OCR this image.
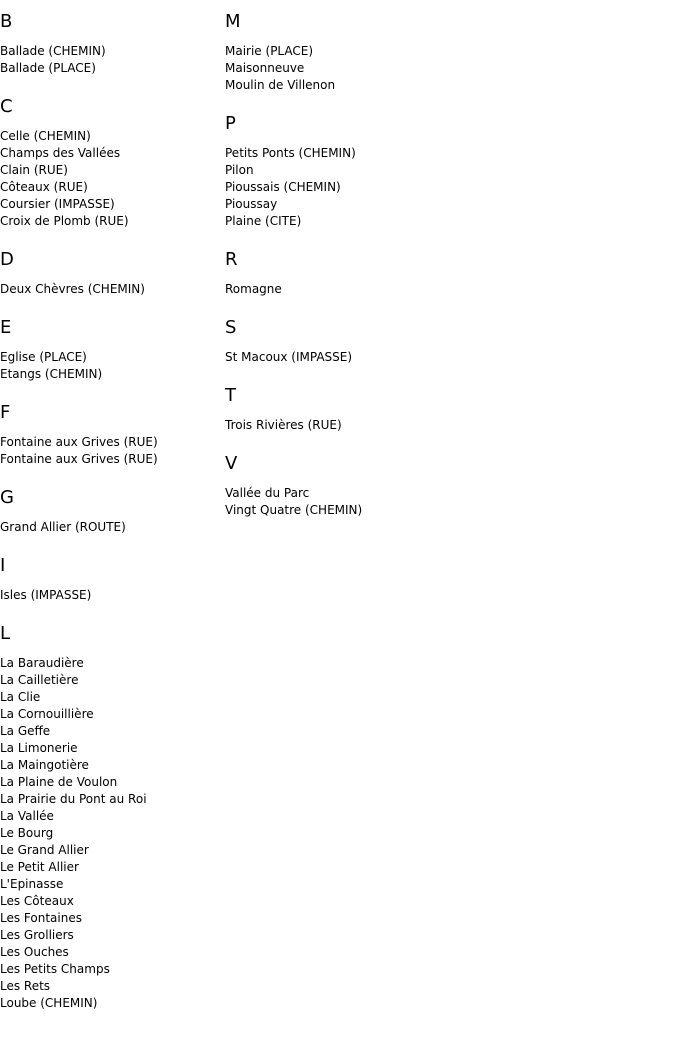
B
Ballade (CHEMIN)
Ballade (PLACE)
C
Celle (CHEMIN)
Champs des Vallées
Clain (RUE)
Côteaux (RUE)
Coursier (IMPASSE)
Croix de Plomb (RUE)
D
Deux Chèvres (CHEMIN)
E
Eglise (PLACE)
Etangs (CHEMIN)
F
Fontaine aux Grives (RUE)
Fontaine aux Grives (RUE)
G
Grand Allier (ROUTE)
I
Isles (IMPASSE)
L
La Baraudière
La Cailletière
La Clie
La Cornouillière
La Geffe
La Limonerie
La Maingotière
La Plaine de Voulon
La Prairie du Pont au Roi
La Vallée
Le Bourg
Le Grand Allier
Le Petit Allier
L'Epinasse
Les Côteaux
Les Fontaines
Les Grolliers
Les Ouches
Les Petits Champs
Les Rets
Loube (CHEMIN)
M
Mairie (PLACE)
Maisonneuve
Moulin de Villenon
P
Petits Ponts (CHEMIN)
Pilon
Pioussais (CHEMIN)
Pioussay
Plaine (CITE)
R
Romagne
S
St Macoux (IMPASSE)
T
Trois Rivières (RUE)
V
Vallée du Parc
Vingt Quatre (CHEMIN)
